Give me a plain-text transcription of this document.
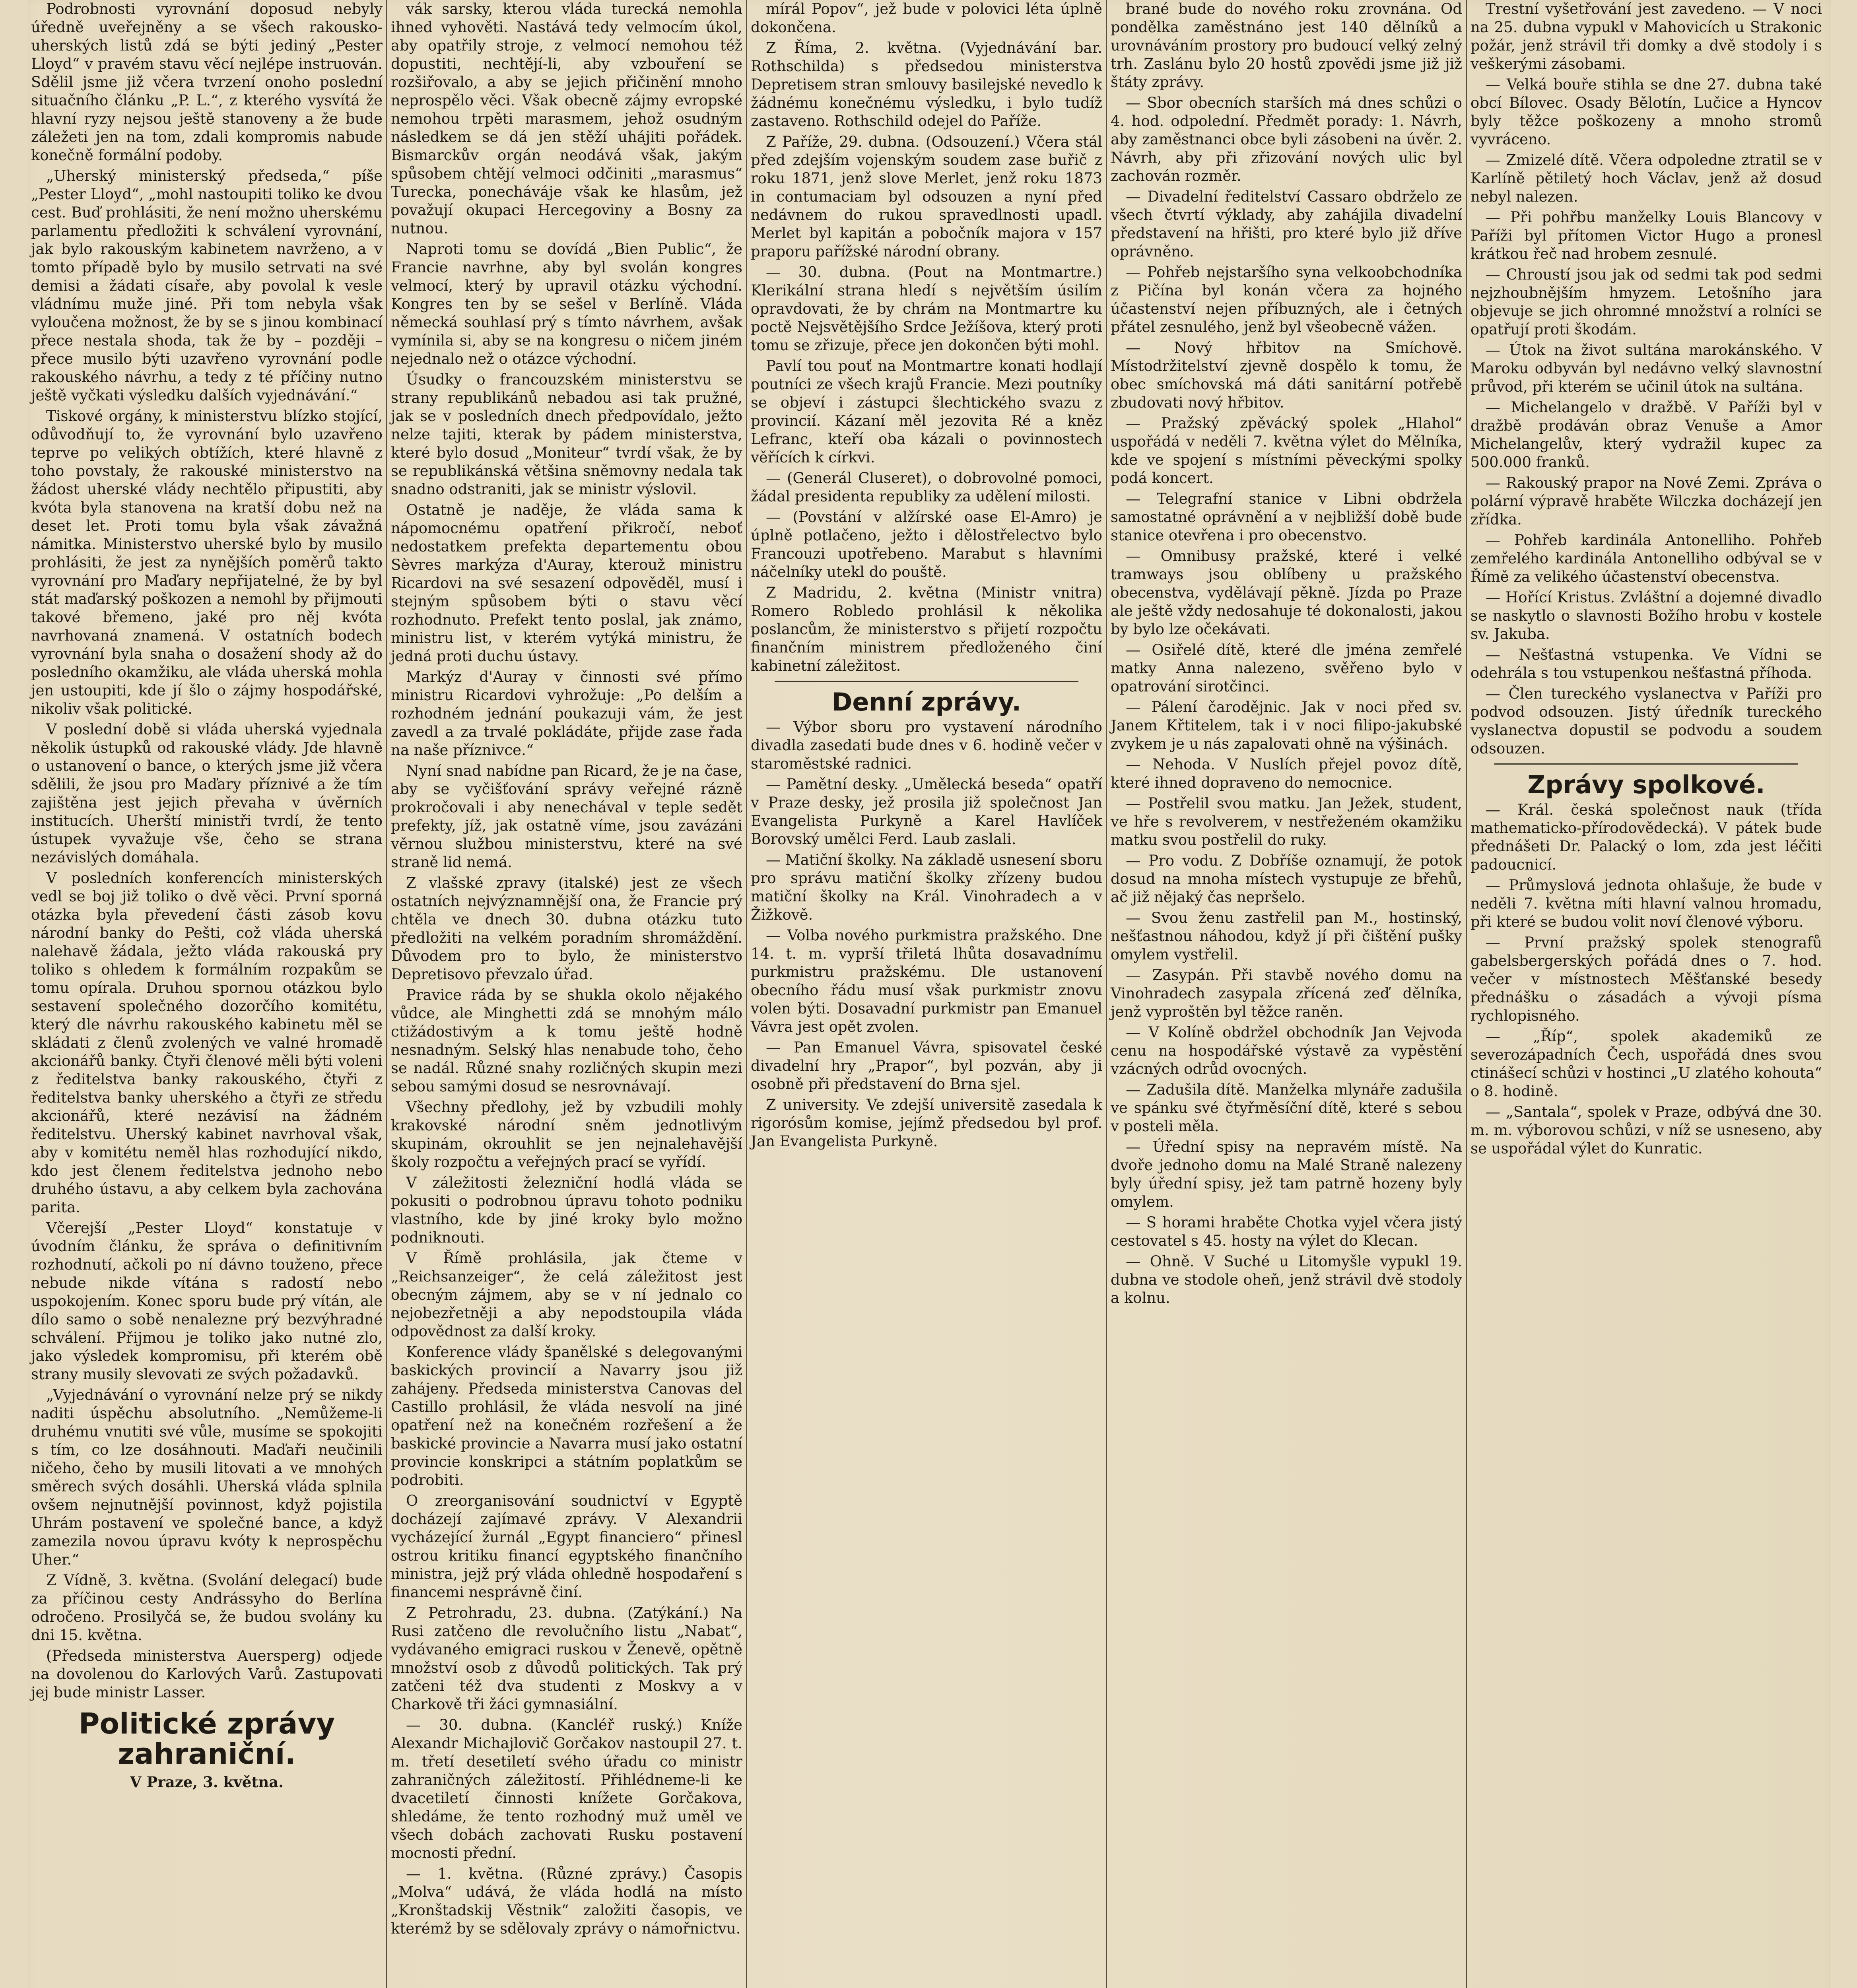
Podrobnosti vyrovnání doposud nebyly úředně uveřejněny a se všech rakousko-uherských listů zdá se býti jediný „Pester Lloyd“ v pravém stavu věcí nejlépe instruován. Sdělil jsme již včera tvrzení onoho poslední situačního článku „P. L.“, z kterého vysvítá že hlavní ryzy nejsou ještě stanoveny a že bude záležeti jen na tom, zdali kompromis nabude konečně formální podoby.

„Uherský ministerský předseda,“ píše „Pester Lloyd“, „mohl nastoupiti toliko ke dvou cest. Buď prohlásiti, že není možno uherskému parlamentu předložiti k schválení vyrovnání, jak bylo rakouským kabinetem navrženo, a v tomto případě bylo by musilo setrvati na své demisi a žádati císaře, aby povolal k vesle vládnímu muže jiné. Při tom nebyla však vyloučena možnost, že by se s jinou kombinací přece nestala shoda, tak že by – později – přece musilo býti uzavřeno vyrovnání podle rakouského návrhu, a tedy z té příčiny nutno ještě vyčkati výsledku dalších vyjednávání.“

Tiskové orgány, k ministerstvu blízko stojící, odůvodňují to, že vyrovnání bylo uzavřeno teprve po velikých obtížích, které hlavně z toho povstaly, že rakouské ministerstvo na žádost uherské vlády nechtělo připustiti, aby kvóta byla stanovena na kratší dobu než na deset let. Proti tomu byla však závažná námitka. Ministerstvo uherské bylo by musilo prohlásiti, že jest za nynějších poměrů takto vyrovnání pro Maďary nepřijatelné, že by byl stát maďarský poškozen a nemohl by přijmouti takové břemeno, jaké pro něj kvóta navrhovaná znamená. V ostatních bodech vyrovnání byla snaha o dosažení shody až do posledního okamžiku, ale vláda uherská mohla jen ustoupiti, kde jí šlo o zájmy hospodářské, nikoliv však politické.

V poslední době si vláda uherská vyjednala několik ústupků od rakouské vlády. Jde hlavně o ustanovení o bance, o kterých jsme již včera sdělili, že jsou pro Maďary příznivé a že tím zajištěna jest jejich převaha v úvěrních institucích. Uherští ministři tvrdí, že tento ústupek vyvažuje vše, čeho se strana nezávislých domáhala.

V posledních konferencích ministerských vedl se boj již toliko o dvě věci. První sporná otázka byla převedení části zásob kovu národní banky do Pešti, což vláda uherská nalehavě žádala, ježto vláda rakouská pry toliko s ohledem k formálním rozpakům se tomu opírala. Druhou spornou otázkou bylo sestavení společného dozorčího komitétu, který dle návrhu rakouského kabinetu měl se skládati z členů zvolených ve valné hromadě akcionářů banky. Čtyři členové měli býti voleni z ředitelstva banky rakouského, čtyři z ředitelstva banky uherského a čtyři ze středu akcionářů, které nezávisí na žádném ředitelstvu. Uherský kabinet navrhoval však, aby v komitétu neměl hlas rozhodující nikdo, kdo jest členem ředitelstva jednoho nebo druhého ústavu, a aby celkem byla zachována parita.

Včerejší „Pester Lloyd“ konstatuje v úvodním článku, že správa o definitivním rozhodnutí, ačkoli po ní dávno touženo, přece nebude nikde vítána s radostí nebo uspokojením. Konec sporu bude prý vítán, ale dílo samo o sobě nenalezne prý bezvýhradné schválení. Přijmou je toliko jako nutné zlo, jako výsledek kompromisu, při kterém obě strany musily slevovati ze svých požadavků.

„Vyjednávání o vyrovnání nelze prý se nikdy naditi úspěchu absolutního. „Nemůžeme-li druhému vnutiti své vůle, musíme se spokojiti s tím, co lze dosáhnouti. Maďaři neučinili ničeho, čeho by musili litovati a ve mnohých směrech svých dosáhli. Uherská vláda splnila ovšem nejnutnější povinnost, když pojistila Uhrám postavení ve společné bance, a když zamezila novou úpravu kvóty k neprospěchu Uher.“

Z Vídně, 3. května. (Svolání delegací) bude za příčinou cesty Andrássyho do Berlína odročeno. Prosilyčá se, že budou svolány ku dni 15. května.

(Předseda ministerstva Auersperg) odjede na dovolenou do Karlových Varů. Zastupovati jej bude ministr Lasser.

Politické zprávy zahraniční.
V Praze, 3. května.

vák sarsky, kterou vláda turecká nemohla ihned vyhověti. Nastává tedy velmocím úkol, aby opatřily stroje, z velmocí nemohou též dopustiti, nechtějí-li, aby vzbouření se rozšiřovalo, a aby se jejich přičinění mnoho neprospělo věci. Však obecně zájmy evropské nemohou trpěti marasmem, jehož osudným následkem se dá jen stěží uhájiti pořádek. Bismarckův orgán neodává však, jakým spůsobem chtějí velmoci odčiniti „marasmus“ Turecka, ponecháváje však ke hlasům, jež považují okupaci Hercegoviny a Bosny za nutnou.

Naproti tomu se dovídá „Bien Public“, že Francie navrhne, aby byl svolán kongres velmocí, který by upravil otázku východní. Kongres ten by se sešel v Berlíně. Vláda německá souhlasí prý s tímto návrhem, avšak vymínila si, aby se na kongresu o ničem jiném nejednalo než o otázce východní.

Úsudky o francouzském ministerstvu se strany republikánů nebadou asi tak pružné, jak se v posledních dnech předpovídalo, ježto nelze tajiti, kterak by pádem ministerstva, které bylo dosud „Moniteur“ tvrdí však, že by se republikánská většina sněmovny nedala tak snadno odstraniti, jak se ministr výslovil.

Ostatně je naděje, že vláda sama k nápomocnému opatření přikročí, neboť nedostatkem prefekta departementu obou Sèvres markýza d'Auray, kterouž ministru Ricardovi na své sesazení odpověděl, musí i stejným spůsobem býti o stavu věcí rozhodnuto. Prefekt tento poslal, jak známo, ministru list, v kterém vytýká ministru, že jedná proti duchu ústavy.

Markýz d'Auray v činnosti své přímo ministru Ricardovi vyhrožuje: „Po delším a rozhodném jednání poukazuji vám, že jest zavedl a za trvalé pokládáte, přijde zase řada na naše příznivce.“

Nyní snad nabídne pan Ricard, že je na čase, aby se vyčišťování správy veřejné rázně prokročovali i aby nenechával v teple sedět prefekty, jíž, jak ostatně víme, jsou zavázáni věrnou službou ministerstvu, které na své straně lid nemá.

Z vlašské zpravy (italské) jest ze všech ostatních nejvýznamnější ona, že Francie prý chtěla ve dnech 30. dubna otázku tuto předložiti na velkém poradním shromáždění. Důvodem pro to bylo, že ministerstvo Depretisovo převzalo úřad.

Pravice ráda by se shukla okolo nějakého vůdce, ale Minghetti zdá se mnohým málo ctižádostivým a k tomu ještě hodně nesnadným. Selský hlas nenabude toho, čeho se nadál. Různé snahy rozličných skupin mezi sebou samými dosud se nesrovnávají.

Všechny předlohy, jež by vzbudili mohly krakovské národní sněm jednotlivým skupinám, okrouhlit se jen nejnalehavější školy rozpočtu a veřejných prací se vyřídí.

V záležitosti železniční hodlá vláda se pokusiti o podrobnou úpravu tohoto podniku vlastního, kde by jiné kroky bylo možno podniknouti.

V Římě prohlásila, jak čteme v „Reichsanzeiger“, že celá záležitost jest obecným zájmem, aby se v ní jednalo co nejobezřetněji a aby nepodstoupila vláda odpovědnost za další kroky.

Konference vlády španělské s delegovanými baskických provincií a Navarry jsou již zahájeny. Předseda ministerstva Canovas del Castillo prohlásil, že vláda nesvolí na jiné opatření než na konečném rozřešení a že baskické provincie a Navarra musí jako ostatní provincie konskripci a státním poplatkům se podrobiti.

O zreorganisování soudnictví v Egyptě docházejí zajímavé zprávy. V Alexandrii vycházející žurnál „Egypt financiero“ přinesl ostrou kritiku financí egyptského finančního ministra, jejž prý vláda ohledně hospodaření s financemi nesprávně činí.

Z Petrohradu, 23. dubna. (Zatýkání.) Na Rusi zatčeno dle revolučního listu „Nabat“, vydávaného emigraci ruskou v Ženevě, opětně množství osob z důvodů politických. Tak prý zatčeni též dva studenti z Moskvy a v Charkově tři žáci gymnasiální.

— 30. dubna. (Kancléř ruský.) Kníže Alexandr Michajlovič Gorčakov nastoupil 27. t. m. třetí desetiletí svého úřadu co ministr zahraničných záležitostí. Přihlédneme-li ke dvacetiletí činnosti knížete Gorčakova, shledáme, že tento rozhodný muž uměl ve všech dobách zachovati Rusku postavení mocnosti přední.

— 1. května. (Různé zprávy.) Časopis „Molva“ udává, že vláda hodlá na místo „Kronštadskij Věstnik“ založiti časopis, ve kterémž by se sdělovaly zprávy o námořnictvu.

mírál Popov“, jež bude v polovici léta úplně dokončena.

Z Říma, 2. května. (Vyjednávání bar. Rothschilda) s předsedou ministerstva Depretisem stran smlouvy basilejské nevedlo k žádnému konečnému výsledku, i bylo tudíž zastaveno. Rothschild odejel do Paříže.

Z Paříže, 29. dubna. (Odsouzení.) Včera stál před zdejším vojenským soudem zase buřič z roku 1871, jenž slove Merlet, jenž roku 1873 in contumaciam byl odsouzen a nyní před nedávnem do rukou spravedlnosti upadl. Merlet byl kapitán a pobočník majora v 157 praporu pařížské národní obrany.

— 30. dubna. (Pout na Montmartre.) Klerikální strana hledí s největším úsilím opravdovati, že by chrám na Montmartre ku poctě Nejsvětějšího Srdce Ježíšova, který proti tomu se zřizuje, přece jen dokončen býti mohl.

Pavlí tou pouť na Montmartre konati hodlají poutníci ze všech krajů Francie. Mezi poutníky se objeví i zástupci šlechtického svazu z provincií. Kázaní měl jezovita Ré a kněz Lefranc, kteří oba kázali o povinnostech věřících k církvi.

— (Generál Cluseret), o dobrovolné pomoci, žádal presidenta republiky za udělení milosti.

— (Povstání v alžírské oase El-Amro) je úplně potlačeno, ježto i dělostřelectvo bylo Francouzi upotřebeno. Marabut s hlavními náčelníky utekl do pouště.

Z Madridu, 2. května (Ministr vnitra) Romero Robledo prohlásil k několika poslancům, že ministerstvo s přijetí rozpočtu finančním ministrem předloženého činí kabinetní záležitost.

Denní zprávy.

— Výbor sboru pro vystavení národního divadla zasedati bude dnes v 6. hodině večer v staroměstské radnici.

— Pamětní desky. „Umělecká beseda“ opatří v Praze desky, jež prosila již společnost Jan Evangelista Purkyně a Karel Havlíček Borovský umělci Ferd. Laub zaslali.

— Matiční školky. Na základě usnesení sboru pro správu matiční školky zřízeny budou matiční školky na Král. Vinohradech a v Žižkově.

— Volba nového purkmistra pražského. Dne 14. t. m. vyprší třiletá lhůta dosavadnímu purkmistru pražskému. Dle ustanovení obecního řádu musí však purkmistr znovu volen býti. Dosavadní purkmistr pan Emanuel Vávra jest opět zvolen.

— Pan Emanuel Vávra, spisovatel české divadelní hry „Prapor“, byl pozván, aby ji osobně při představení do Brna sjel.

Z university. Ve zdejší universitě zasedala k rigorósům komise, jejímž předsedou byl prof. Jan Evangelista Purkyně.

brané bude do nového roku zrovnána. Od pondělka zaměstnáno jest 140 dělníků a urovnáváním prostory pro budoucí velký zelný trh. Zaslánu bylo 20 hostů zpovědi jsme již již štáty zprávy.

— Sbor obecních starších má dnes schůzi o 4. hod. odpolední. Předmět porady: 1. Návrh, aby zaměstnanci obce byli zásobeni na úvěr. 2. Návrh, aby při zřizování nových ulic byl zachován rozměr.

— Divadelní ředitelství Cassaro obdrželo ze všech čtvrtí výklady, aby zahájila divadelní představení na hřišti, pro které bylo již dříve oprávněno.

— Pohřeb nejstaršího syna velkoobchodníka z Pičína byl konán včera za hojného účastenství nejen příbuzných, ale i četných přátel zesnulého, jenž byl všeobecně vážen.

— Nový hřbitov na Smíchově. Místodržitelství zjevně dospělo k tomu, že obec smíchovská má dáti sanitární potřebě zbudovati nový hřbitov.

— Pražský zpěvácký spolek „Hlahol“ uspořádá v neděli 7. května výlet do Mělníka, kde ve spojení s místními pěveckými spolky podá koncert.

— Telegrafní stanice v Libni obdržela samostatné oprávnění a v nejbližší době bude stanice otevřena i pro obecenstvo.

— Omnibusy pražské, které i velké tramways jsou oblíbeny u pražského obecenstva, vydělávají pěkně. Jízda po Praze ale ještě vždy nedosahuje té dokonalosti, jakou by bylo lze očekávati.

— Osiřelé dítě, které dle jména zemřelé matky Anna nalezeno, svěřeno bylo v opatrování sirotčinci.

— Pálení čarodějnic. Jak v noci před sv. Janem Křtitelem, tak i v noci filipo-jakubské zvykem je u nás zapalovati ohně na výšinách.

— Nehoda. V Nuslích přejel povoz dítě, které ihned dopraveno do nemocnice.

— Postřelil svou matku. Jan Ježek, student, ve hře s revolverem, v nestřeženém okamžiku matku svou postřelil do ruky.

— Pro vodu. Z Dobříše oznamují, že potok dosud na mnoha místech vystupuje ze břehů, ač již nějaký čas nepršelo.

— Svou ženu zastřelil pan M., hostinský, nešťastnou náhodou, když jí při čištění pušky omylem vystřelil.

— Zasypán. Při stavbě nového domu na Vinohradech zasypala zřícená zeď dělníka, jenž vyproštěn byl těžce raněn.

— V Kolíně obdržel obchodník Jan Vejvoda cenu na hospodářské výstavě za vypěstění vzácných odrůd ovocných.

— Zadušila dítě. Manželka mlynáře zadušila ve spánku své čtyřměsíční dítě, které s sebou v posteli měla.

— Úřední spisy na nepravém místě. Na dvoře jednoho domu na Malé Straně nalezeny byly úřední spisy, jež tam patrně hozeny byly omylem.

— S horami hraběte Chotka vyjel včera jistý cestovatel s 45. hosty na výlet do Klecan.

— Ohně. V Suché u Litomyšle vypukl 19. dubna ve stodole oheň, jenž strávil dvě stodoly a kolnu.

Trestní vyšetřování jest zavedeno. — V noci na 25. dubna vypukl v Mahovicích u Strakonic požár, jenž strávil tři domky a dvě stodoly i s veškerými zásobami.

— Velká bouře stihla se dne 27. dubna také obcí Bílovec. Osady Bělotín, Lučice a Hyncov byly těžce poškozeny a mnoho stromů vyvráceno.

— Zmizelé dítě. Včera odpoledne ztratil se v Karlíně pětiletý hoch Václav, jenž až dosud nebyl nalezen.

— Při pohřbu manželky Louis Blancovy v Paříži byl přítomen Victor Hugo a pronesl krátkou řeč nad hrobem zesnulé.

— Chroustí jsou jak od sedmi tak pod sedmi nejzhoubnějším hmyzem. Letošního jara objevuje se jich ohromné množství a rolníci se opatřují proti škodám.

— Útok na život sultána marokánského. V Maroku odbyván byl nedávno velký slavnostní průvod, při kterém se učinil útok na sultána.

— Michelangelo v dražbě. V Paříži byl v dražbě prodáván obraz Venuše a Amor Michelangelův, který vydražil kupec za 500.000 franků.

— Rakouský prapor na Nové Zemi. Zpráva o polární výpravě hraběte Wilczka docházejí jen zřídka.

— Pohřeb kardinála Antonelliho. Pohřeb zemřelého kardinála Antonelliho odbýval se v Římě za velikého účastenství obecenstva.

— Hořící Kristus. Zvláštní a dojemné divadlo se naskytlo o slavnosti Božího hrobu v kostele sv. Jakuba.

— Nešťastná vstupenka. Ve Vídni se odehrála s tou vstupenkou nešťastná příhoda.

— Člen tureckého vyslanectva v Paříži pro podvod odsouzen. Jistý úředník tureckého vyslanectva dopustil se podvodu a soudem odsouzen.

Zprávy spolkové.

— Král. česká společnost nauk (třída mathematicko-přírodovědecká). V pátek bude přednášeti Dr. Palacký o lom, zda jest léčiti padoucnicí.

— Průmyslová jednota ohlašuje, že bude v neděli 7. května míti hlavní valnou hromadu, při které se budou volit noví členové výboru.

— První pražský spolek stenografů gabelsbergerských pořádá dnes o 7. hod. večer v místnostech Měšťanské besedy přednášku o zásadách a vývoji písma rychlopisného.

— „Říp“, spolek akademiků ze severozápadních Čech, uspořádá dnes svou ctinášecí schůzi v hostinci „U zlatého kohouta“ o 8. hodině.

— „Santala“, spolek v Praze, odbývá dne 30. m. m. výborovou schůzi, v níž se usneseno, aby se uspořádal výlet do Kunratic.
